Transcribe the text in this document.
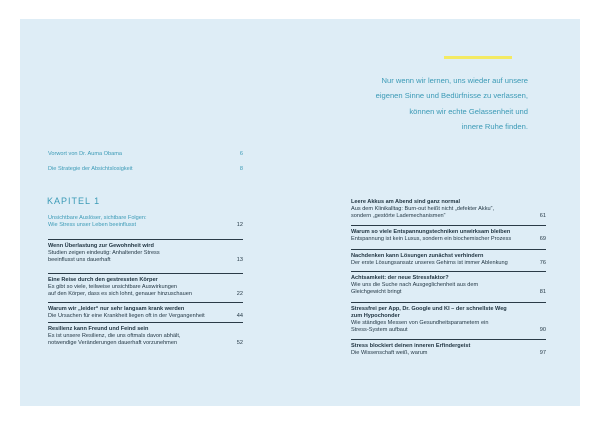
Nur wenn wir lernen, uns wieder auf unsere
eigenen Sinne und Bedürfnisse zu verlassen,
können wir echte Gelassenheit und
innere Ruhe finden.
Vorwort von Dr. Auma Obama	6
Die Strategie der Absichtslosigkeit	8
KAPITEL 1
Unsichtbare Auslöser, sichtbare Folgen:
Wie Stress unser Leben beeinflusst	12
Wenn Überlastung zur Gewohnheit wird
Studien zeigen eindeutig: Anhaltender Stress
beeinflusst uns dauerhaft	13
Eine Reise durch den gestressten Körper
Es gibt so viele, teilweise unsichtbare Auswirkungen
auf den Körper, dass es sich lohnt, genauer hinzuschauen	22
Warum wir „leider“ nur sehr langsam krank werden
Die Ursachen für eine Krankheit liegen oft in der Vergangenheit	44
Resilienz kann Freund und Feind sein
Es ist unsere Resilienz, die uns oftmals davon abhält,
notwendige Veränderungen dauerhaft vorzunehmen	52
Leere Akkus am Abend sind ganz normal
Aus dem Klinikalltag: Burn-out heißt nicht „defekter Akku“,
sondern „gestörte Lademechanismen“	61
Warum so viele Entspannungstechniken unwirksam bleiben
Entspannung ist kein Luxus, sondern ein biochemischer Prozess	69
Nachdenken kann Lösungen zunächst verhindern
Der erste Lösungsansatz unseres Gehirns ist immer Ablenkung	76
Achtsamkeit: der neue Stressfaktor?
Wie uns die Suche nach Ausgeglichenheit aus dem
Gleichgewicht bringt	81
Stressfrei per App, Dr. Google und KI – der schnellste Weg
zum Hypochonder
Wie ständiges Messen von Gesundheitsparametern ein
Stress-System aufbaut	90
Stress blockiert deinen inneren Erfindergeist
Die Wissenschaft weiß, warum	97
